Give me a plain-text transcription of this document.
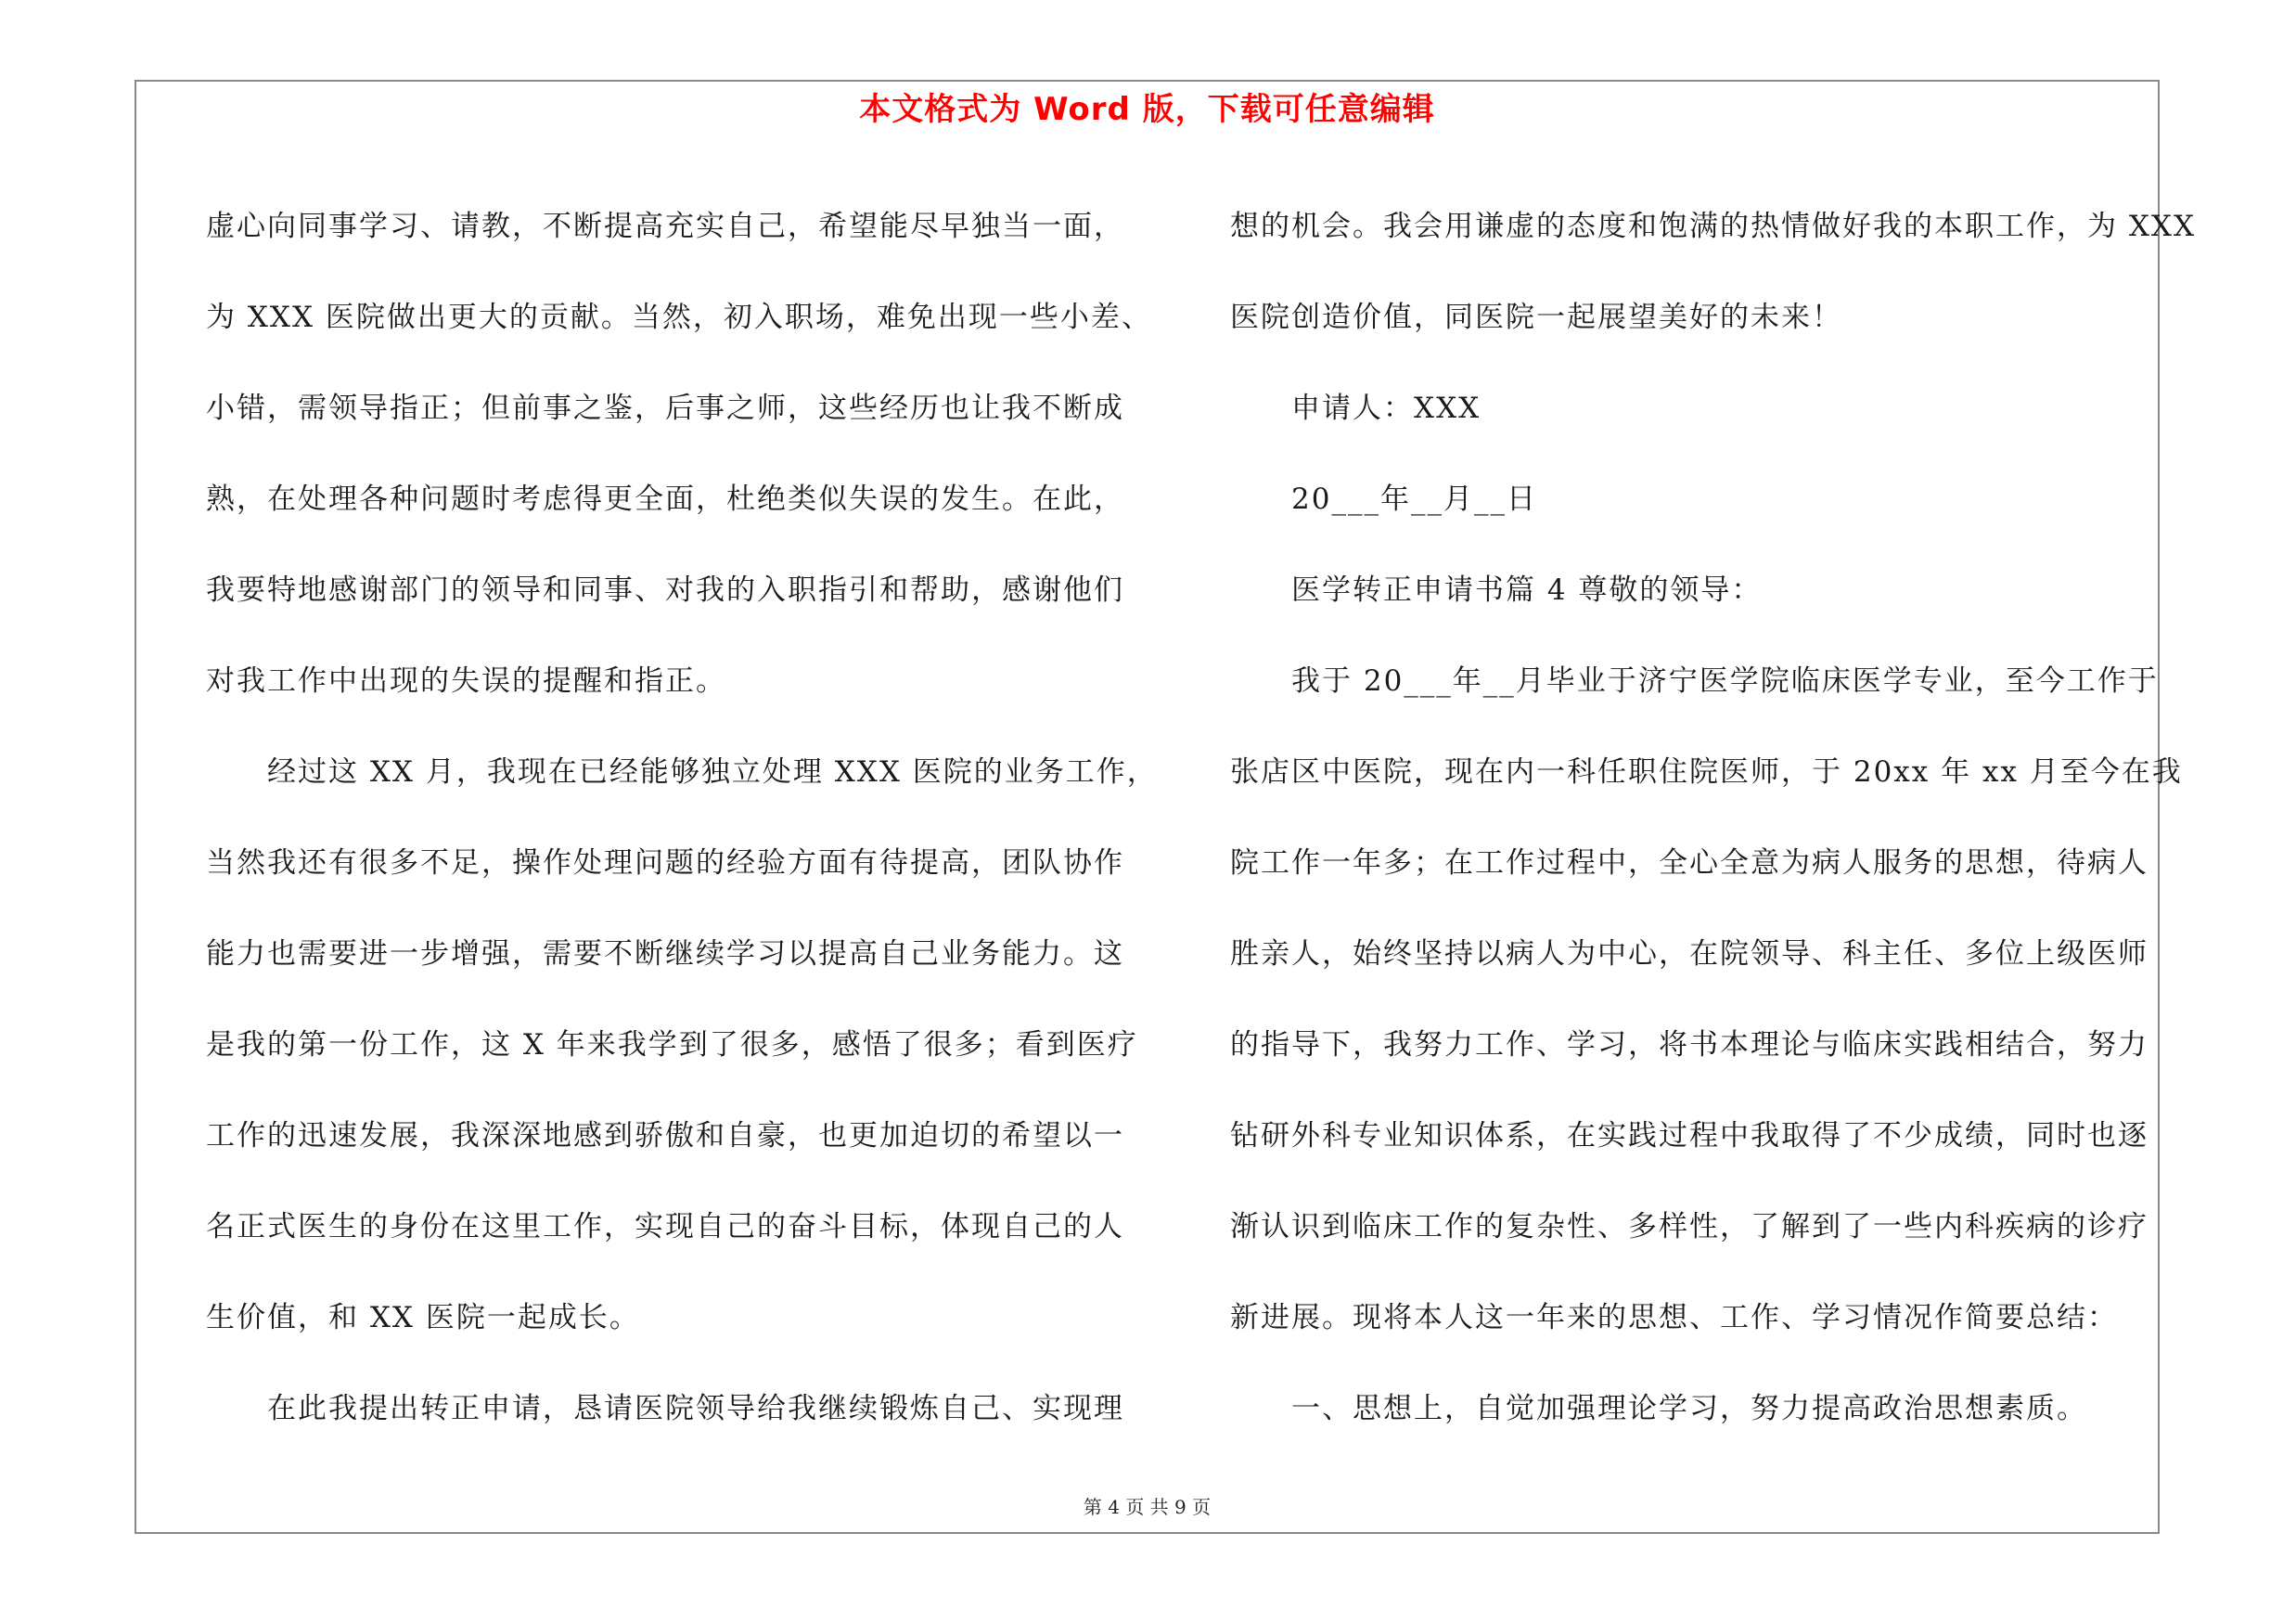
本文格式为 Word 版，下载可任意编辑
虚心向同事学习、请教，不断提高充实自己，希望能尽早独当一面，
为 XXX 医院做出更大的贡献。当然，初入职场，难免出现一些小差、
小错，需领导指正；但前事之鉴，后事之师，这些经历也让我不断成
熟，在处理各种问题时考虑得更全面，杜绝类似失误的发生。在此，
我要特地感谢部门的领导和同事、对我的入职指引和帮助，感谢他们
对我工作中出现的失误的提醒和指正。
经过这 XX 月，我现在已经能够独立处理 XXX 医院的业务工作，
当然我还有很多不足，操作处理问题的经验方面有待提高，团队协作
能力也需要进一步增强，需要不断继续学习以提高自己业务能力。这
是我的第一份工作，这 X 年来我学到了很多，感悟了很多；看到医疗
工作的迅速发展，我深深地感到骄傲和自豪，也更加迫切的希望以一
名正式医生的身份在这里工作，实现自己的奋斗目标，体现自己的人
生价值，和 XX 医院一起成长。
在此我提出转正申请，恳请医院领导给我继续锻炼自己、实现理
想的机会。我会用谦虚的态度和饱满的热情做好我的本职工作，为 XXX
医院创造价值，同医院一起展望美好的未来！
申请人：XXX
20___年__月__日
医学转正申请书篇 4 尊敬的领导：
我于 20___年__月毕业于济宁医学院临床医学专业，至今工作于
张店区中医院，现在内一科任职住院医师，于 20xx 年 xx 月至今在我
院工作一年多；在工作过程中，全心全意为病人服务的思想，待病人
胜亲人，始终坚持以病人为中心，在院领导、科主任、多位上级医师
的指导下，我努力工作、学习，将书本理论与临床实践相结合，努力
钻研外科专业知识体系，在实践过程中我取得了不少成绩，同时也逐
渐认识到临床工作的复杂性、多样性，了解到了一些内科疾病的诊疗
新进展。现将本人这一年来的思想、工作、学习情况作简要总结：
一、思想上，自觉加强理论学习，努力提高政治思想素质。
第 4 页 共 9 页
